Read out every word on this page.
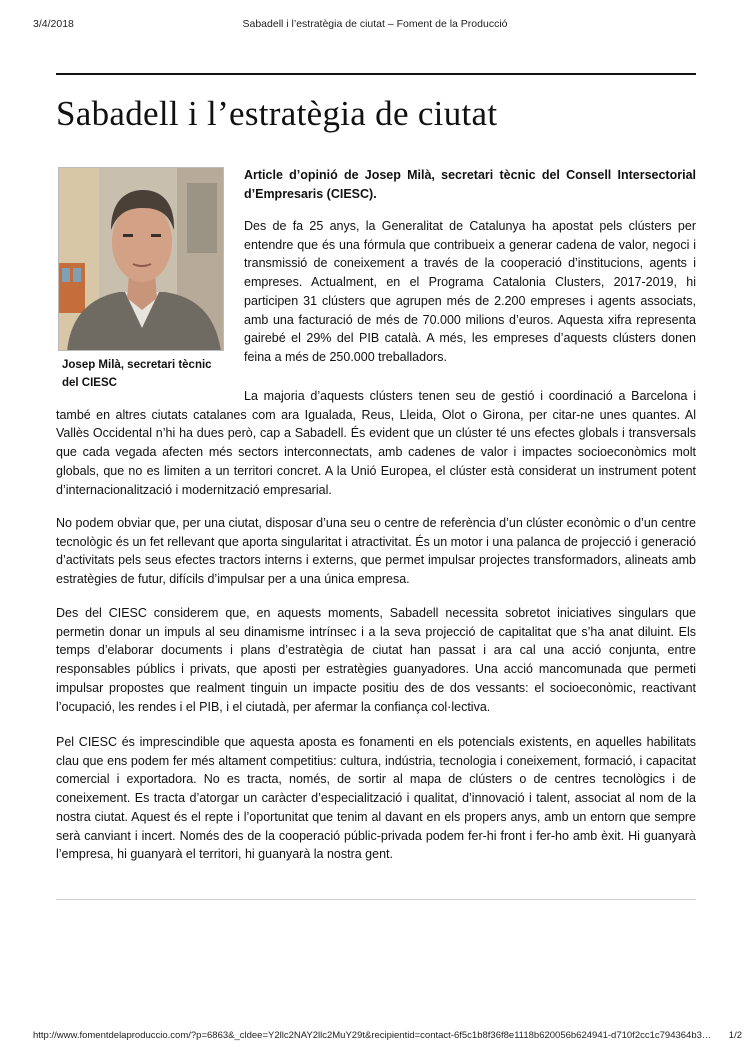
3/4/2018	Sabadell i l’estratègia de ciutat – Foment de la Producció
Sabadell i l’estratègia de ciutat
Josep Milà, secretari tècnic del CIESC

Article d’opinió de Josep Milà, secretari tècnic del Consell Intersectorial d’Empresaris (CIESC).

Des de fa 25 anys, la Generalitat de Catalunya ha apostat pels clústers per entendre que és una fórmula que contribueix a generar cadena de valor, negoci i transmissió de coneixement a través de la cooperació d’institucions, agents i empreses. Actualment, en el Programa Catalonia Clusters, 2017-2019, hi participen 31 clústers que agrupen més de 2.200 empreses i agents associats, amb una facturació de més de 70.000 milions d’euros. Aquesta xifra representa gairebé el 29% del PIB català. A més, les empreses d’aquests clústers donen feina a més de 250.000 treballadors.

La majoria d’aquests clústers tenen seu de gestió i coordinació a Barcelona i també en altres ciutats catalanes com ara Igualada, Reus, Lleida, Olot o Girona, per citar-ne unes quantes. Al Vallès Occidental n’hi ha dues però, cap a Sabadell. És evident que un clúster té uns efectes globals i transversals que cada vegada afecten més sectors interconnectats, amb cadenes de valor i impactes socioeconòmics molt globals, que no es limiten a un territori concret. A la Unió Europea, el clúster està considerat un instrument potent d’internacionalització i modernització empresarial.

No podem obviar que, per una ciutat, disposar d’una seu o centre de referència d’un clúster econòmic o d’un centre tecnològic és un fet rellevant que aporta singularitat i atractivitat. És un motor i una palanca de projecció i generació d’activitats pels seus efectes tractors interns i externs, que permet impulsar projectes transformadors, alineats amb estratègies de futur, difícils d’impulsar per a una única empresa.

Des del CIESC considerem que, en aquests moments, Sabadell necessita sobretot iniciatives singulars que permetin donar un impuls al seu dinamisme intrínsec i a la seva projecció de capitalitat que s’ha anat diluint. Els temps d’elaborar documents i plans d’estratègia de ciutat han passat i ara cal una acció conjunta, entre responsables públics i privats, que aposti per estratègies guanyadores. Una acció mancomunada que permeti impulsar propostes que realment tinguin un impacte positiu des de dos vessants: el socioeconòmic, reactivant l’ocupació, les rendes i el PIB, i el ciutadà, per afermar la confiança col·lectiva.

Pel CIESC és imprescindible que aquesta aposta es fonamenti en els potencials existents, en aquelles habilitats clau que ens podem fer més altament competitius: cultura, indústria, tecnologia i coneixement, formació, i capacitat comercial i exportadora. No es tracta, només, de sortir al mapa de clústers o de centres tecnològics i de coneixement. Es tracta d’atorgar un caràcter d’especialització i qualitat, d’innovació i talent, associat al nom de la nostra ciutat. Aquest és el repte i l’oportunitat que tenim al davant en els propers anys, amb un entorn que sempre serà canviant i incert. Només des de la cooperació públic-privada podem fer-hi front i fer-ho amb èxit. Hi guanyarà l’empresa, hi guanyarà el territori, hi guanyarà la nostra gent.

http://www.fomentdelaproduccio.com/?p=6863&_cldee=Y2llc2NAY2llc2MuY29t&recipientid=contact-6f5c1b8f36f8e1118b620056b624941-d710f2cc1c794364b3…	1/2
